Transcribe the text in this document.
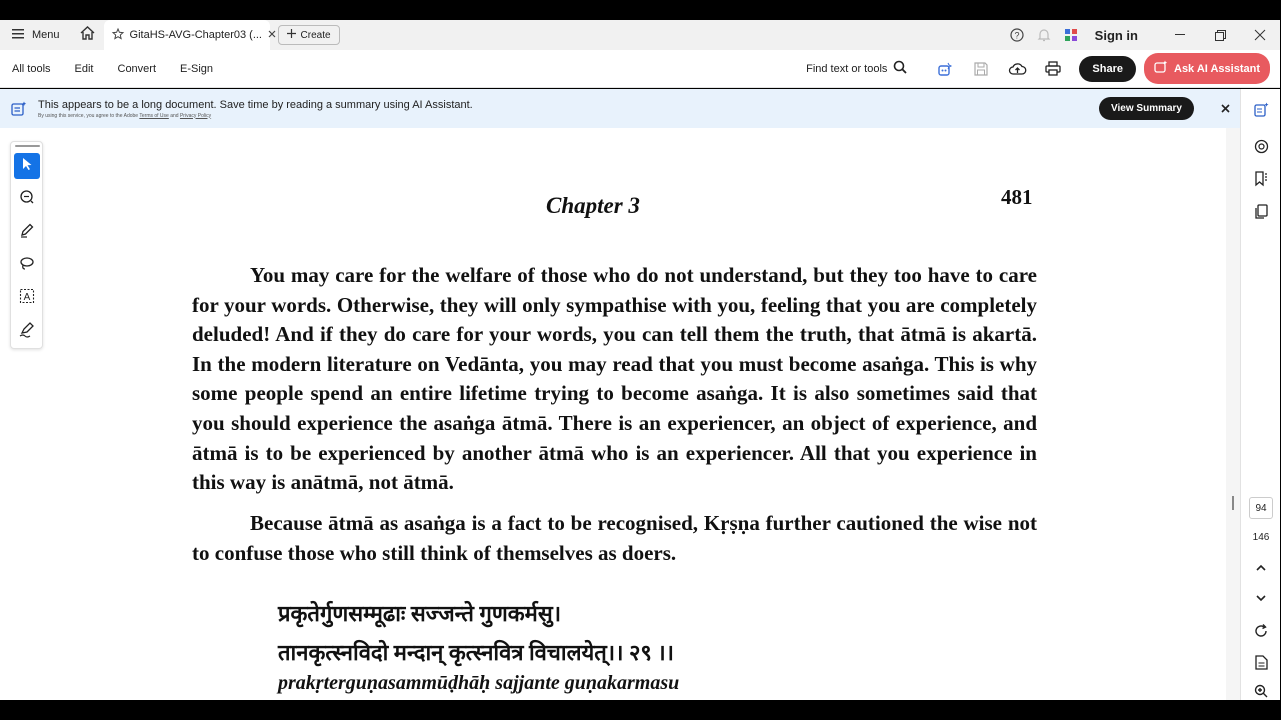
Menu	GitaHS-AVG-Chapter03 (...	Create	?	Sign in
All tools	Edit	Convert	E-Sign	Find text or tools	Share	Ask AI Assistant
This appears to be a long document. Save time by reading a summary using AI Assistant.
By using this service, you agree to the Adobe Terms of Use and Privacy Policy
View Summary
94
146
Chapter 3	481

You may care for the welfare of those who do not understand, but they too have to care for your words. Otherwise, they will only sympathise with you, feeling that you are completely deluded! And if they do care for your words, you can tell them the truth, that ātmā is akartā. In the modern literature on Vedānta, you may read that you must become asaṅga. This is why some people spend an entire lifetime trying to become asaṅga. It is also sometimes said that you should experience the asaṅga ātmā. There is an experiencer, an object of experience, and ātmā is to be experienced by another ātmā who is an experiencer. All that you experience in this way is anātmā, not ātmā.

Because ātmā as asaṅga is a fact to be recognised, Kṛṣṇa further cautioned the wise not to confuse those who still think of themselves as doers.

प्रकृतेर्गुणसम्मूढाः सज्जन्ते गुणकर्मसु।
तानकृत्स्नविदो मन्दान् कृत्स्नवित्र विचालयेत्।। २९ ।।
prakṛterguṇasammūḍhāḥ sajjante guṇakarmasu
A
